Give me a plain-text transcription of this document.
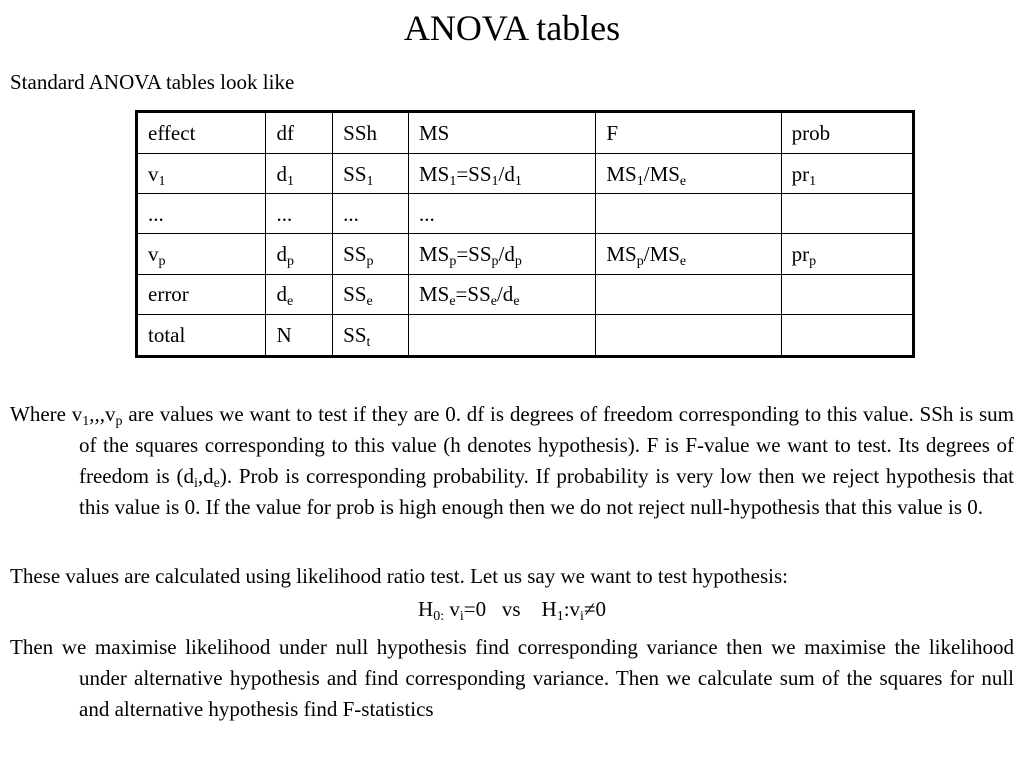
ANOVA tables
Standard ANOVA tables look like
effect	df	SSh	MS	F	prob
$v_1$	$d_1$	$SS_1$	$MS_1=SS_1/d_1$	$MS_1/MS_e$	$pr_1$
...	...	...	...		
$v_p$	$d_p$	$SS_p$	$MS_p=SS_p/d_p$	$MS_p/MS_e$	$pr_p$
error	$d_e$	$SS_e$	$MS_e=SS_e/d_e$		
total	N	$SS_t$			

Where $v_1,,,v_p$ are values we want to test if they are 0. df is degrees of freedom corresponding to this value. SSh is sum of the squares corresponding to this value (h denotes hypothesis). F is F-value we want to test. Its degrees of freedom is $(d_i,d_e)$. Prob is corresponding probability. If probability is very low then we reject hypothesis that this value is 0. If the value for prob is high enough then we do not reject null-hypothesis that this value is 0.

These values are calculated using likelihood ratio test. Let us say we want to test hypothesis:

$H_{0:}$ $v_i=0$   vs    $H_1:v_i\ne 0$

Then we maximise likelihood under null hypothesis find corresponding variance then we maximise the likelihood under alternative hypothesis and find corresponding variance. Then we calculate sum of the squares for null and alternative hypothesis find F-statistics
